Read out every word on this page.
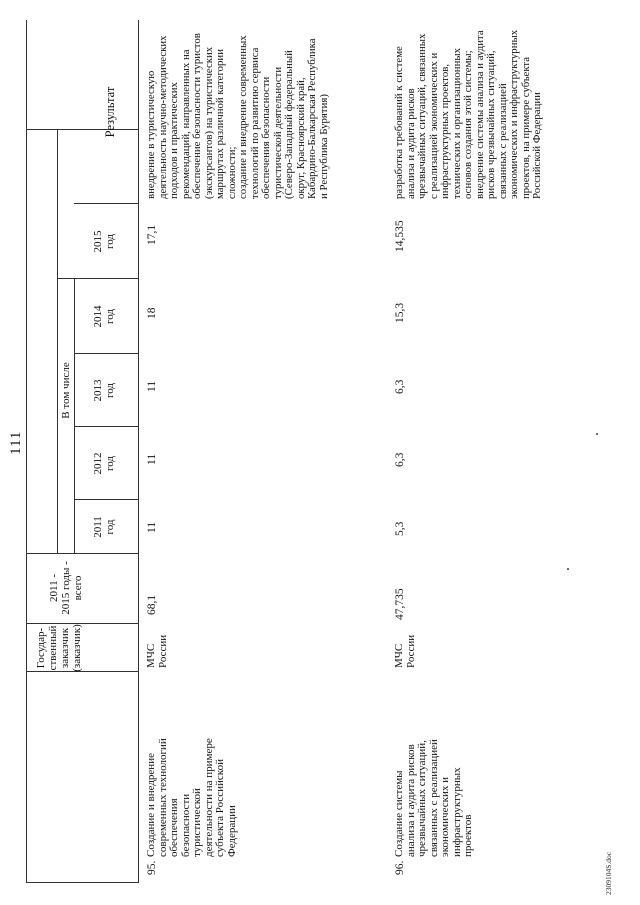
111
Государ-
ственный
заказчик
(заказчик)
2011 -
2015 годы -
всего
В том числе
2011
год
2012
год
2013
год
2014
год
2015
год
Результат
95.
Создание и внедрение
современных технологий
обеспечения
безопасности
туристической
деятельности на примере
субъекта Российской
Федерации
МЧС России
68,1
11
11
11
18
17,1
внедрение в туристическую
деятельность научно-методических
подходов и практических
рекомендаций, направленных на
обеспечение безопасности туристов
(экскурсантов) на туристических
маршрутах различной категории
сложности;
создание и внедрение современных
технологий по развитию сервиса
обеспечения безопасности
туристической деятельности
(Северо-Западный федеральный
округ, Красноярский край,
Кабардино-Балкарская Республика
и Республика Бурятия)
96.
Создание системы
анализа и аудита рисков
чрезвычайных ситуаций,
связанных с реализацией
экономических и
инфраструктурных
проектов
МЧС России
47,735
5,3
6,3
6,3
15,3
14,535
разработка требований к системе
анализа и аудита рисков
чрезвычайных ситуаций, связанных
с реализацией экономических и
инфраструктурных проектов,
технических и организационных
основов создания этой системы;
внедрение системы анализа и аудита
рисков чрезвычайных ситуаций,
связанных с реализацией
экономических и инфраструктурных
проектов, на примере субъекта
Российской Федерации
2309104S.doc
